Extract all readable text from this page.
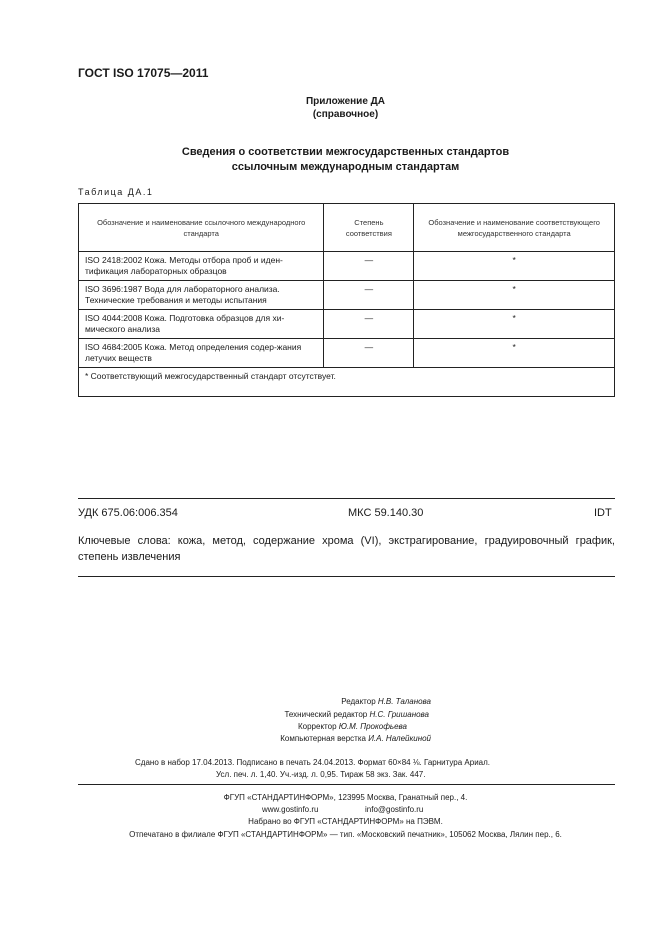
ГОСТ ISO 17075—2011
Приложение ДА
(справочное)
Сведения о соответствии межгосударственных стандартов
ссылочным международным стандартам
Таблица ДА.1
Обозначение и наименование ссылочного международного стандарта	Степень соответствия	Обозначение и наименование соответствующего межгосударственного стандарта
ISO 2418:2002 Кожа. Методы отбора проб и иден-тификация лабораторных образцов	—	*
ISO 3696:1987 Вода для лабораторного анализа. Технические требования и методы испытания	—	*
ISO 4044:2008 Кожа. Подготовка образцов для хи-мического анализа	—	*
ISO 4684:2005 Кожа. Метод определения содер-жания летучих веществ	—	*
* Соответствующий межгосударственный стандарт отсутствует.		
УДК 675.06:006.354	МКС 59.140.30	IDT
Ключевые слова: кожа, метод, содержание хрома (VI), экстрагирование, градуировочный график, степень извлечения
Редактор Н.В. Таланова
Технический редактор Н.С. Гришанова
Корректор Ю.М. Прокофьева
Компьютерная верстка И.А. Налейкиной
Сдано в набор 17.04.2013. Подписано в печать 24.04.2013. Формат 60×84 ⅛. Гарнитура Ариал.
Усл. печ. л. 1,40. Уч.-изд. л. 0,95. Тираж 58 экз. Зак. 447.
ФГУП «СТАНДАРТИНФОРМ», 123995 Москва, Гранатный пер., 4.
www.gostinfo.ru	info@gostinfo.ru
Набрано во ФГУП «СТАНДАРТИНФОРМ» на ПЭВМ.
Отпечатано в филиале ФГУП «СТАНДАРТИНФОРМ» — тип. «Московский печатник», 105062 Москва, Лялин пер., 6.
